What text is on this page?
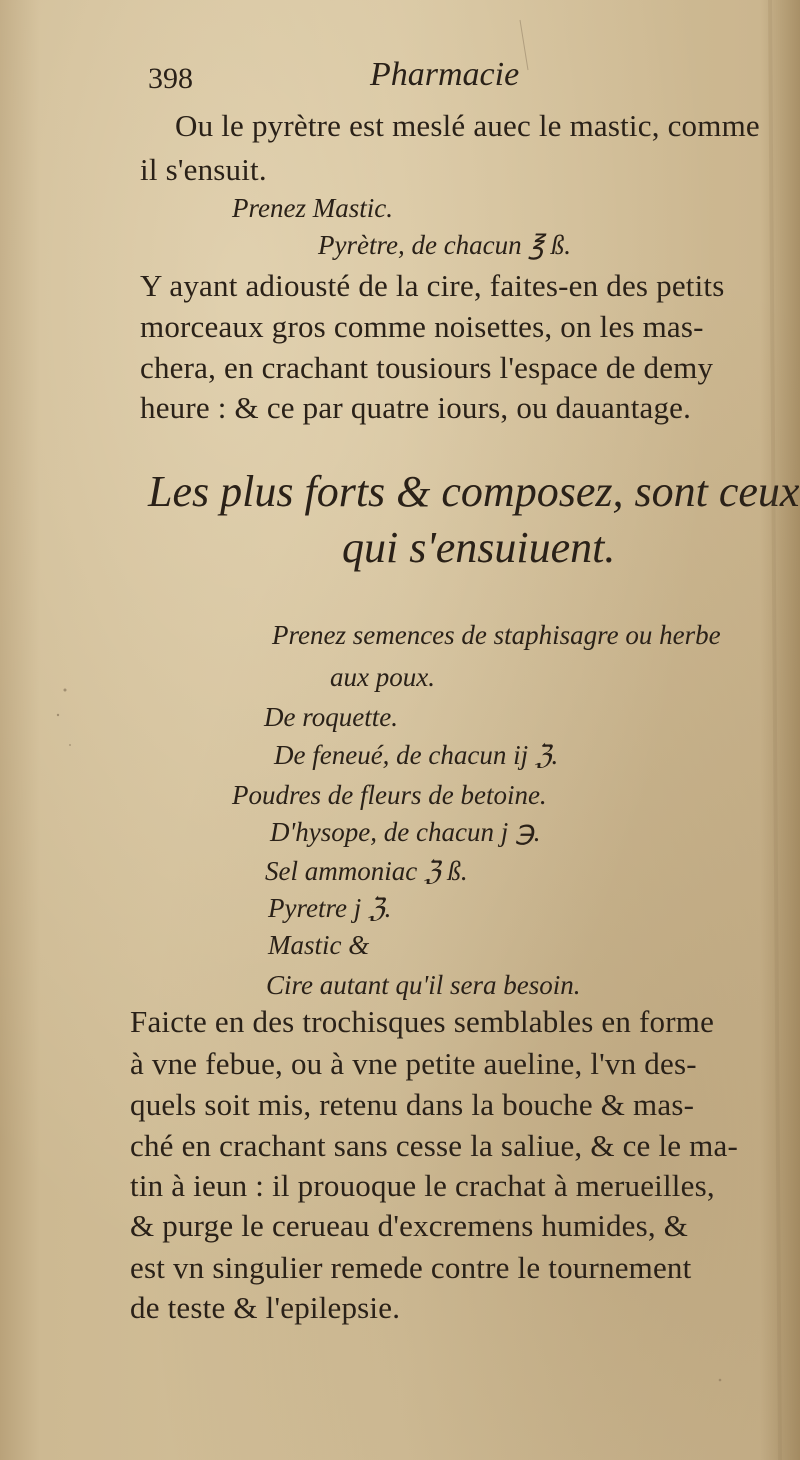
398	Pharmacie
Ou le pyrètre est meslé auec le mastic, comme
il s'ensuit.
Prenez Mastic.
Pyrètre, de chacun ℥ ß.
Y ayant adiousté de la cire, faites-en des petits
morceaux gros comme noisettes, on les mas-
chera, en crachant tousiours l'espace de demy
heure : & ce par quatre iours, ou dauantage.
Les plus forts & composez, sont ceux
qui s'ensuiuent.
Prenez semences de staphisagre ou herbe
aux poux.
De roquette.
De feneué, de chacun ij ℨ.
Poudres de fleurs de betoine.
D'hysope, de chacun j ℈.
Sel ammoniac ℨ ß.
Pyretre j ℨ.
Mastic &
Cire autant qu'il sera besoin.
Faicte en des trochisques semblables en forme
à vne febue, ou à vne petite aueline, l'vn des-
quels soit mis, retenu dans la bouche & mas-
ché en crachant sans cesse la saliue, & ce le ma-
tin à ieun : il prouoque le crachat à merueilles,
& purge le cerueau d'excremens humides, &
est vn singulier remede contre le tournement
de teste & l'epilepsie.
